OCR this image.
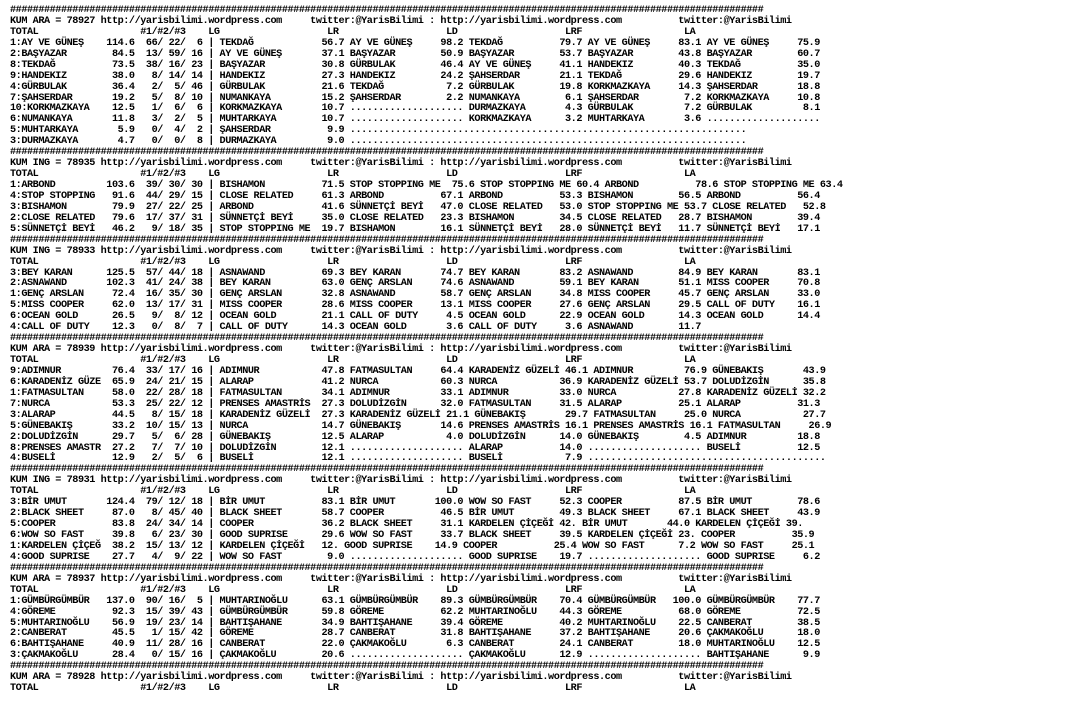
#####################################################################################################################################
KUM ARA = 78927 http://yarisbilimi.wordpress.com     twitter:@YarisBilimi : http://yarisbilimi.wordpress.com          twitter:@YarisBilimi
TOTAL                  #1/#2/#3    LG                   LR                   LD                   LRF                  LA
1:AY VE GÜNEŞ    114.6  66/ 22/  6 | TEKDAĞ            56.7 AY VE GÜNEŞ     98.2 TEKDAĞ          79.7 AY VE GÜNEŞ     83.1 AY VE GÜNEŞ     75.9
2:BAŞYAZAR        84.5  13/ 59/ 16 | AY VE GÜNEŞ       37.1 BAŞYAZAR        50.9 BAŞYAZAR        53.7 BAŞYAZAR        43.8 BAŞYAZAR        60.7
8:TEKDAĞ          73.5  38/ 16/ 23 | BAŞYAZAR          30.8 GÜRBULAK        46.4 AY VE GÜNEŞ     41.1 HANDEKIZ        40.3 TEKDAĞ          35.0
9:HANDEKIZ        38.0   8/ 14/ 14 | HANDEKIZ          27.3 HANDEKIZ        24.2 ŞAHSERDAR       21.1 TEKDAĞ          29.6 HANDEKIZ        19.7
4:GÜRBULAK        36.4   2/  5/ 46 | GÜRBULAK          21.6 TEKDAĞ           7.2 GÜRBULAK        19.8 KORKMAZKAYA     14.3 ŞAHSERDAR       18.8
7:ŞAHSERDAR       19.2   5/  8/ 10 | NUMANKAYA         15.2 ŞAHSERDAR        2.2 NUMANKAYA        6.1 ŞAHSERDAR        7.2 KORKMAZKAYA     10.8
10:KORKMAZKAYA    12.5   1/  6/  6 | KORKMAZKAYA       10.7 .................... DURMAZKAYA       4.3 GÜRBULAK         7.2 GÜRBULAK         8.1
6:NUMANKAYA       11.8   3/  2/  5 | MUHTARKAYA        10.7 .................... KORKMAZKAYA      3.2 MUHTARKAYA       3.6 ....................
5:MUHTARKAYA       5.9   0/  4/  2 | ŞAHSERDAR          9.9 ......................................................................
3:DURMAZKAYA       4.7   0/  0/  8 | DURMAZKAYA         9.0 ......................................................................
#####################################################################################################################################
KUM ING = 78935 http://yarisbilimi.wordpress.com     twitter:@YarisBilimi : http://yarisbilimi.wordpress.com          twitter:@YarisBilimi
TOTAL                  #1/#2/#3    LG                   LR                   LD                   LRF                  LA
1:ARBOND         103.6  39/ 30/ 30 | BISHAMON          71.5 STOP STOPPING ME  75.6 STOP STOPPING ME 60.4 ARBOND          78.6 STOP STOPPING ME 63.4
4:STOP STOPPING   91.6  44/ 29/ 15 | CLOSE RELATED     61.3 ARBOND          67.1 ARBOND          53.3 BISHAMON        56.5 ARBOND          56.4
3:BISHAMON        79.9  27/ 22/ 25 | ARBOND            41.6 SÜNNETÇİ BEYİ   47.0 CLOSE RELATED   53.0 STOP STOPPING ME 53.7 CLOSE RELATED   52.8
2:CLOSE RELATED   79.6  17/ 37/ 31 | SÜNNETÇİ BEYİ     35.0 CLOSE RELATED   23.3 BISHAMON        34.5 CLOSE RELATED   28.7 BISHAMON        39.4
5:SÜNNETÇİ BEYİ   46.2   9/ 18/ 35 | STOP STOPPING ME  19.7 BISHAMON        16.1 SÜNNETÇİ BEYİ   28.0 SÜNNETÇİ BEYİ   11.7 SÜNNETÇİ BEYİ   17.1
#####################################################################################################################################
KUM ING = 78933 http://yarisbilimi.wordpress.com     twitter:@YarisBilimi : http://yarisbilimi.wordpress.com          twitter:@YarisBilimi
TOTAL                  #1/#2/#3    LG                   LR                   LD                   LRF                  LA
3:BEY KARAN      125.5  57/ 44/ 18 | ASNAWAND          69.3 BEY KARAN       74.7 BEY KARAN       83.2 ASNAWAND        84.9 BEY KARAN       83.1
2:ASNAWAND       102.3  41/ 24/ 38 | BEY KARAN         63.0 GENÇ ARSLAN     74.6 ASNAWAND        59.1 BEY KARAN       51.1 MISS COOPER     70.8
1:GENÇ ARSLAN     72.4  16/ 35/ 30 | GENÇ ARSLAN       32.8 ASNAWAND        58.7 GENÇ ARSLAN     34.8 MISS COOPER     45.7 GENÇ ARSLAN     33.0
5:MISS COOPER     62.0  13/ 17/ 31 | MISS COOPER       28.6 MISS COOPER     13.1 MISS COOPER     27.6 GENÇ ARSLAN     29.5 CALL OF DUTY    16.1
6:OCEAN GOLD      26.5   9/  8/ 12 | OCEAN GOLD        21.1 CALL OF DUTY     4.5 OCEAN GOLD      22.9 OCEAN GOLD      14.3 OCEAN GOLD      14.4
4:CALL OF DUTY    12.3   0/  8/  7 | CALL OF DUTY      14.3 OCEAN GOLD       3.6 CALL OF DUTY     3.6 ASNAWAND        11.7
#####################################################################################################################################
KUM ARA = 78939 http://yarisbilimi.wordpress.com     twitter:@YarisBilimi : http://yarisbilimi.wordpress.com          twitter:@YarisBilimi
TOTAL                  #1/#2/#3    LG                   LR                   LD                   LRF                  LA
9:ADIMNUR         76.4  33/ 17/ 16 | ADIMNUR           47.8 FATMASULTAN     64.4 KARADENİZ GÜZELİ 46.1 ADIMNUR         76.9 GÜNEBAKIŞ       43.9
6:KARADENİZ GÜZE  65.9  24/ 21/ 15 | ALARAP            41.2 NURCA           60.3 NURCA           36.9 KARADENİZ GÜZELİ 53.7 DOLUDİZGİN      35.8
1:FATMASULTAN     58.0  22/ 28/ 18 | FATMASULTAN       34.1 ADIMNUR         33.1 ADIMNUR         33.0 NURCA           27.8 KARADENİZ GÜZELİ 32.2
7:NURCA           53.3  25/ 22/ 12 | PRENSES AMASTRİS  27.3 DOLUDİZGİN      32.0 FATMASULTAN     31.5 ALARAP          25.1 ALARAP          31.3
3:ALARAP          44.5   8/ 15/ 18 | KARADENİZ GÜZELİ  27.3 KARADENİZ GÜZELİ 21.1 GÜNEBAKIŞ       29.7 FATMASULTAN     25.0 NURCA           27.7
5:GÜNEBAKIŞ       33.2  10/ 15/ 13 | NURCA             14.7 GÜNEBAKIŞ       14.6 PRENSES AMASTRİS 16.1 PRENSES AMASTRİS 16.1 FATMASULTAN     26.9
2:DOLUDİZGİN      29.7   5/  6/ 28 | GÜNEBAKIŞ         12.5 ALARAP           4.0 DOLUDİZGİN      14.0 GÜNEBAKIŞ        4.5 ADIMNUR         18.8
8:PRENSES AMASTR  27.2   7/  7/ 10 | DOLUDİZGİN        12.1 .................... ALARAP          14.0 .................... BUSELİ          12.5
4:BUSELİ          12.9   2/  5/  6 | BUSELİ            12.1 .................... BUSELİ           7.9 ..........................................
#####################################################################################################################################
KUM ING = 78931 http://yarisbilimi.wordpress.com     twitter:@YarisBilimi : http://yarisbilimi.wordpress.com          twitter:@YarisBilimi
TOTAL                  #1/#2/#3    LG                   LR                   LD                   LRF                  LA
3:BİR UMUT       124.4  79/ 12/ 18 | BİR UMUT          83.1 BİR UMUT       100.0 WOW SO FAST     52.3 COOPER          87.5 BİR UMUT        78.6
2:BLACK SHEET     87.0   8/ 45/ 40 | BLACK SHEET       58.7 COOPER          46.5 BİR UMUT        49.3 BLACK SHEET     67.1 BLACK SHEET     43.9
5:COOPER          83.8  24/ 34/ 14 | COOPER            36.2 BLACK SHEET     31.1 KARDELEN ÇİÇEĞİ 42. BİR UMUT       44.0 KARDELEN ÇİÇEĞİ 39.
6:WOW SO FAST     39.8   6/ 23/ 30 | GOOD SUPRISE      29.6 WOW SO FAST     33.7 BLACK SHEET     39.5 KARDELEN ÇİÇEĞİ 23. COOPER          35.9
1:KARDELEN ÇİÇEĞ  38.2  15/ 13/ 12 | KARDELEN ÇİÇEĞİ   12. GOOD SUPRISE    14.9 COOPER          25.4 WOW SO FAST      7.2 WOW SO FAST     25.1
4:GOOD SUPRISE    27.7   4/  9/ 22 | WOW SO FAST        9.0 .................... GOOD SUPRISE    19.7 .................... GOOD SUPRISE     6.2
#####################################################################################################################################
KUM ARA = 78937 http://yarisbilimi.wordpress.com     twitter:@YarisBilimi : http://yarisbilimi.wordpress.com          twitter:@YarisBilimi
TOTAL                  #1/#2/#3    LG                   LR                   LD                   LRF                  LA
1:GÜMBÜRGÜMBÜR   137.0  90/ 16/  5 | MUHTARINOĞLU      63.1 GÜMBÜRGÜMBÜR    89.3 GÜMBÜRGÜMBÜR    70.4 GÜMBÜRGÜMBÜR   100.0 GÜMBÜRGÜMBÜR    77.7
4:GÖREME          92.3  15/ 39/ 43 | GÜMBÜRGÜMBÜR      59.8 GÖREME          62.2 MUHTARINOĞLU    44.3 GÖREME          68.0 GÖREME          72.5
5:MUHTARINOĞLU    56.9  19/ 23/ 14 | BAHTIŞAHANE       34.9 BAHTIŞAHANE     39.4 GÖREME          40.2 MUHTARINOĞLU    22.5 CANBERAT        38.5
2:CANBERAT        45.5   1/ 15/ 42 | GÖREME            28.7 CANBERAT        31.8 BAHTIŞAHANE     37.2 BAHTIŞAHANE     20.6 ÇAKMAKOĞLU      18.0
6:BAHTIŞAHANE     40.9  11/ 28/ 16 | CANBERAT          22.0 ÇAKMAKOĞLU       6.3 CANBERAT        24.1 CANBERAT        18.0 MUHTARINOĞLU    12.5
3:ÇAKMAKOĞLU      28.4   0/ 15/ 16 | ÇAKMAKOĞLU        20.6 .................... ÇAKMAKOĞLU      12.9 .................... BAHTIŞAHANE      9.9
#####################################################################################################################################
KUM ARA = 78928 http://yarisbilimi.wordpress.com     twitter:@YarisBilimi : http://yarisbilimi.wordpress.com          twitter:@YarisBilimi
TOTAL                  #1/#2/#3    LG                   LR                   LD                   LRF                  LA
